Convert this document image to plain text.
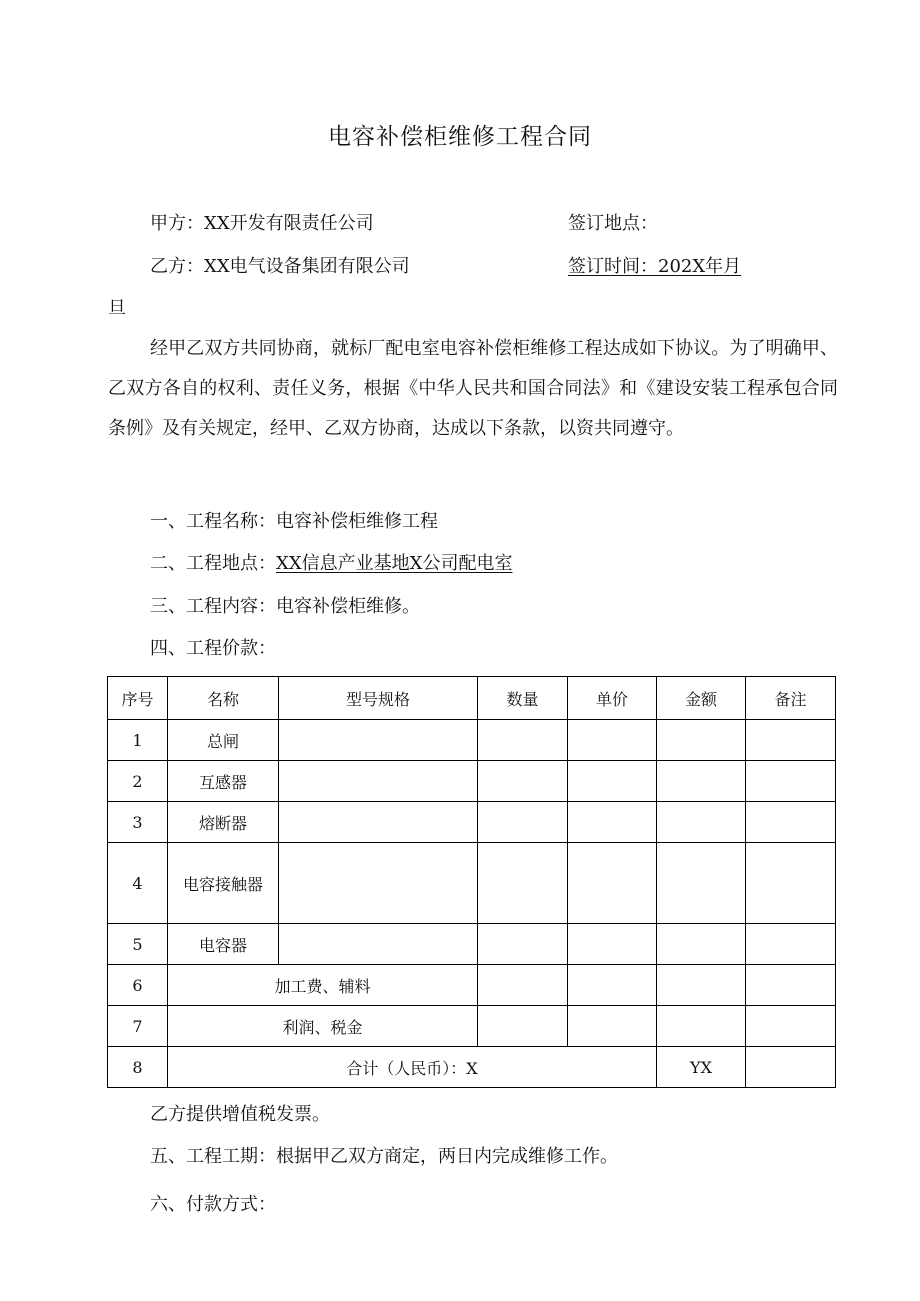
电容补偿柜维修工程合同
甲方：XX开发有限责任公司	签订地点：
乙方：XX电气设备集团有限公司	签订时间：202X年月
旦
经甲乙双方共同协商，就标厂配电室电容补偿柜维修工程达成如下协议。为了明确甲、乙双方各自的权利、责任义务，根据《中华人民共和国合同法》和《建设安装工程承包合同条例》及有关规定，经甲、乙双方协商，达成以下条款，以资共同遵守。
一、工程名称：电容补偿柜维修工程
二、工程地点：XX信息产业基地X公司配电室
三、工程内容：电容补偿柜维修。
四、工程价款：
序号	名称	型号规格	数量	单价	金额	备注
1	总闸					
2	互感器					
3	熔断器					
4	电容接触器					
5	电容器					
6	加工费、辅料					
7	利润、税金					
8	合计（人民币）：X				YX	
乙方提供增值税发票。
五、工程工期：根据甲乙双方商定，两日内完成维修工作。
六、付款方式：
